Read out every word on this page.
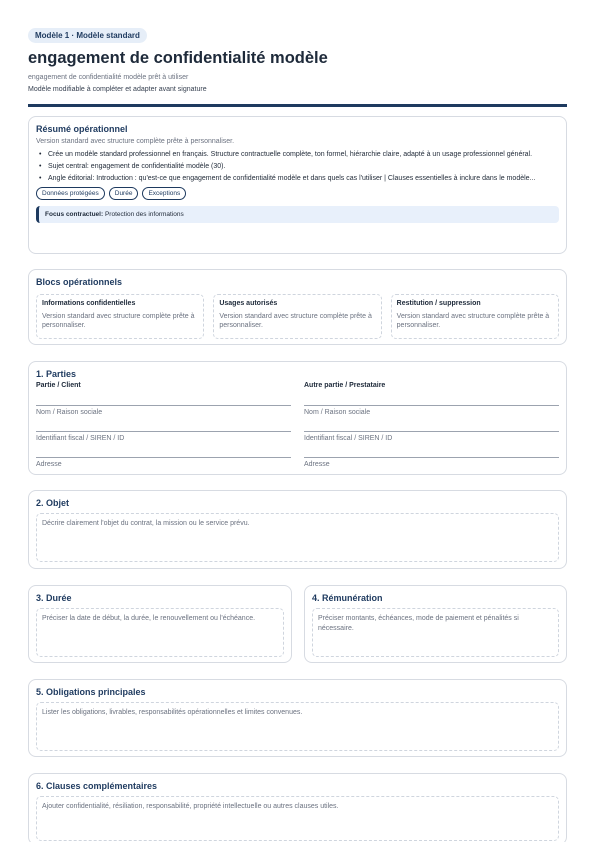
Modèle 1 · Modèle standard
engagement de confidentialité modèle
engagement de confidentialité modèle prêt à utiliser
Modèle modifiable à compléter et adapter avant signature
Résumé opérationnel
Version standard avec structure complète prête à personnaliser.
• Crée un modèle standard professionnel en français. Structure contractuelle complète, ton formel, hiérarchie claire, adapté à un usage professionnel général.
• Sujet central: engagement de confidentialité modèle (30).
• Angle éditorial: Introduction : qu'est-ce que engagement de confidentialité modèle et dans quels cas l'utiliser | Clauses essentielles à inclure dans le modèle...
Données protégées	Durée	Exceptions
Focus contractuel: Protection des informations
Blocs opérationnels
Informations confidentielles
Version standard avec structure complète prête à personnaliser.
Usages autorisés
Version standard avec structure complète prête à personnaliser.
Restitution / suppression
Version standard avec structure complète prête à personnaliser.
1. Parties
Partie / Client
Nom / Raison sociale
Identifiant fiscal / SIREN / ID
Adresse
Autre partie / Prestataire
Nom / Raison sociale
Identifiant fiscal / SIREN / ID
Adresse
2. Objet
Décrire clairement l'objet du contrat, la mission ou le service prévu.
3. Durée
Préciser la date de début, la durée, le renouvellement ou l'échéance.
4. Rémunération
Préciser montants, échéances, mode de paiement et pénalités si nécessaire.
5. Obligations principales
Lister les obligations, livrables, responsabilités opérationnelles et limites convenues.
6. Clauses complémentaires
Ajouter confidentialité, résiliation, responsabilité, propriété intellectuelle ou autres clauses utiles.
